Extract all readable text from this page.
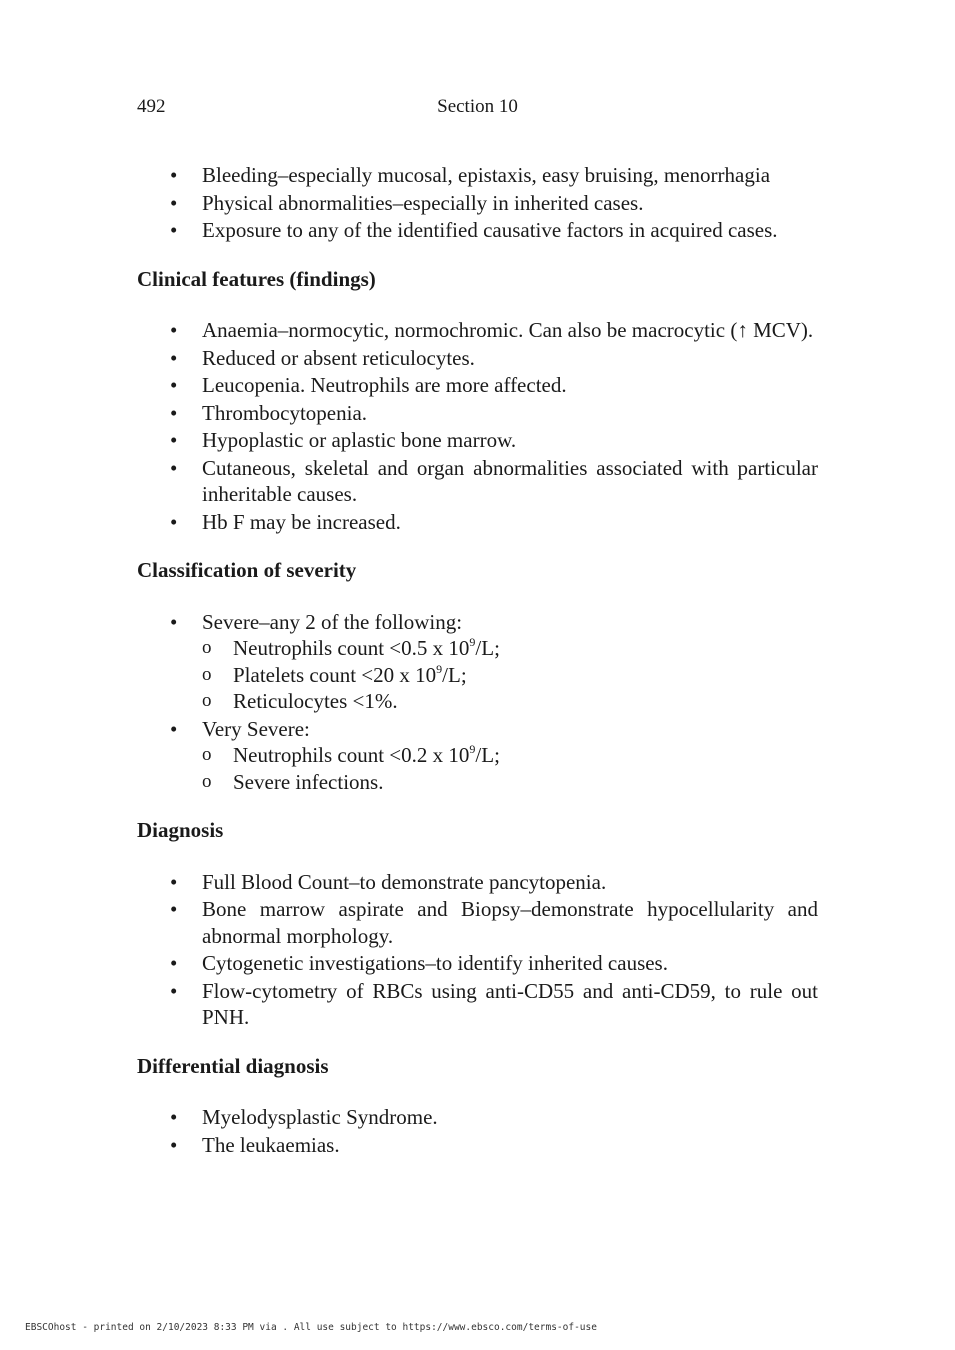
492	Section 10
• Bleeding–especially mucosal, epistaxis, easy bruising, menorrhagia
• Physical abnormalities–especially in inherited cases.
• Exposure to any of the identified causative factors in acquired cases.
Clinical features (findings)
• Anaemia–normocytic, normochromic. Can also be macrocytic (↑ MCV).
• Reduced or absent reticulocytes.
• Leucopenia. Neutrophils are more affected.
• Thrombocytopenia.
• Hypoplastic or aplastic bone marrow.
• Cutaneous, skeletal and organ abnormalities associated with particular inheritable causes.
• Hb F may be increased.
Classification of severity
• Severe–any 2 of the following:
o Neutrophils count <0.5 x $10^9/L$;
o Platelets count <20 x $10^9/L$;
o Reticulocytes <1%.
• Very Severe:
o Neutrophils count <0.2 x $10^9/L$;
o Severe infections.
Diagnosis
• Full Blood Count–to demonstrate pancytopenia.
• Bone marrow aspirate and Biopsy–demonstrate hypocellularity and abnormal morphology.
• Cytogenetic investigations–to identify inherited causes.
• Flow-cytometry of RBCs using anti-CD55 and anti-CD59, to rule out PNH.
Differential diagnosis
• Myelodysplastic Syndrome.
• The leukaemias.
EBSCOhost - printed on 2/10/2023 8:33 PM via . All use subject to https://www.ebsco.com/terms-of-use
